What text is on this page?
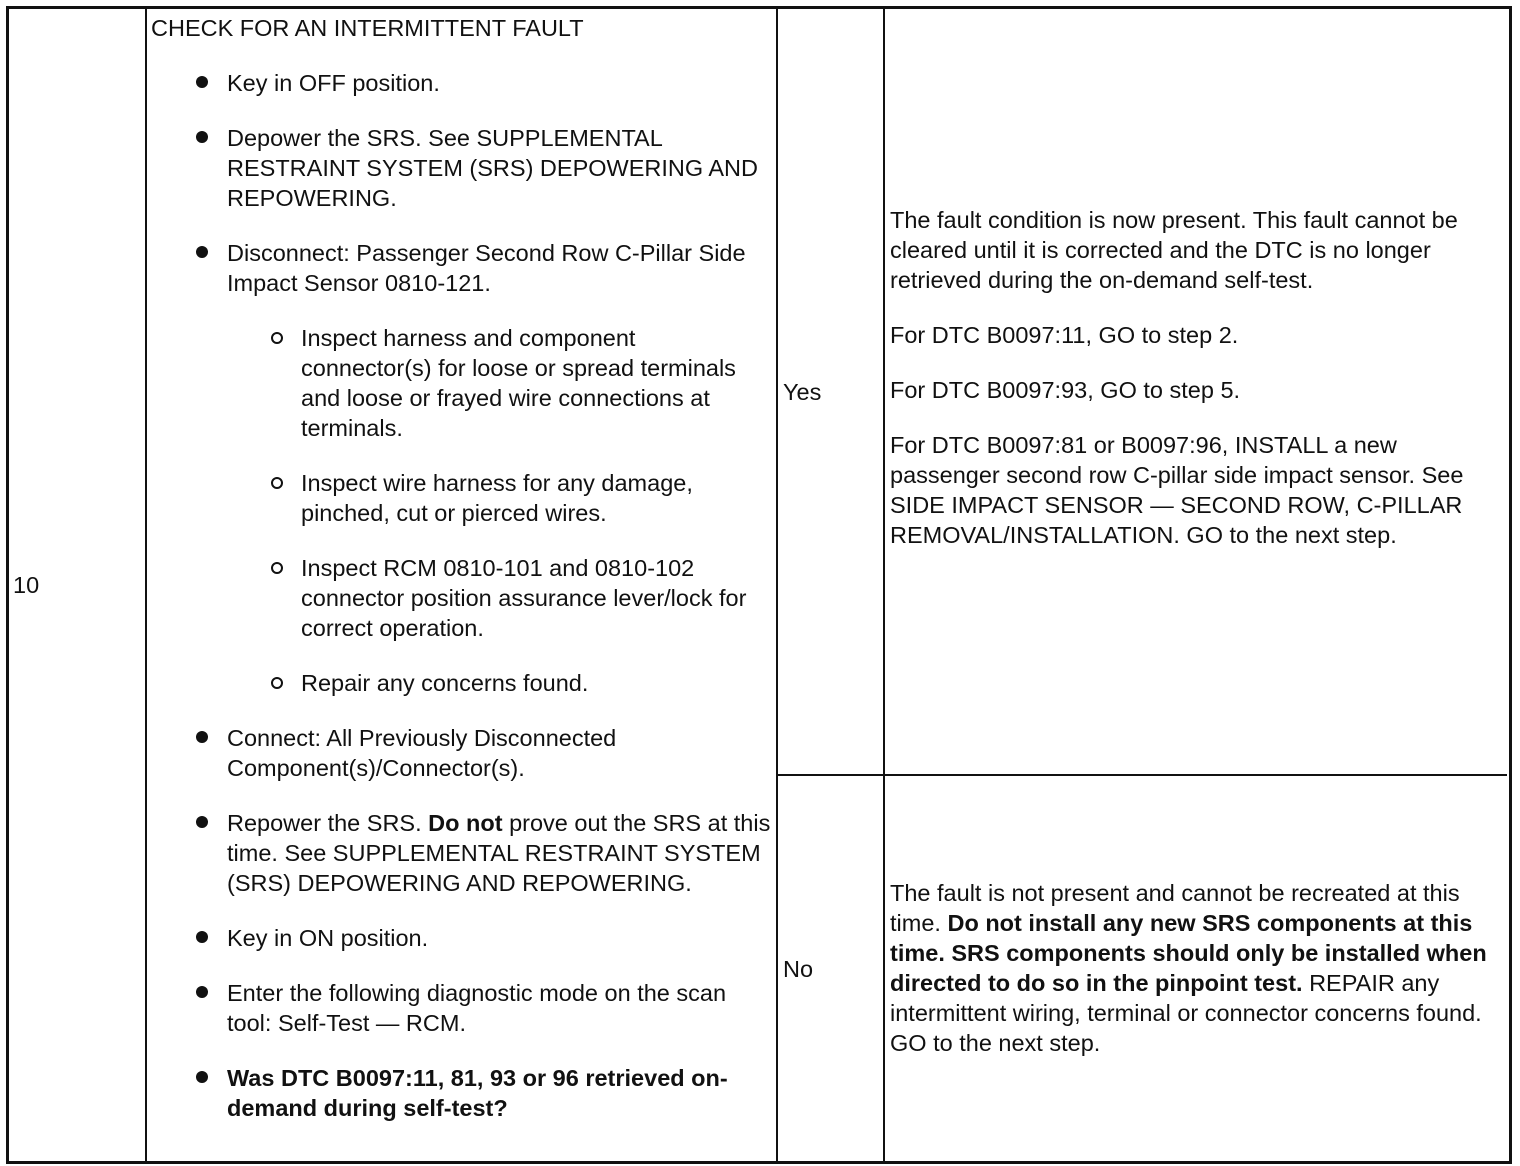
10

CHECK FOR AN INTERMITTENT FAULT

Key in OFF position.
Depower the SRS. See SUPPLEMENTAL RESTRAINT SYSTEM (SRS) DEPOWERING AND REPOWERING.
Disconnect: Passenger Second Row C-Pillar Side Impact Sensor 0810-121.
Inspect harness and component connector(s) for loose or spread terminals and loose or frayed wire connections at terminals.
Inspect wire harness for any damage, pinched, cut or pierced wires.
Inspect RCM 0810-101 and 0810-102 connector position assurance lever/lock for correct operation.
Repair any concerns found.
Connect: All Previously Disconnected Component(s)/Connector(s).
Repower the SRS. Do not prove out the SRS at this time. See SUPPLEMENTAL RESTRAINT SYSTEM (SRS) DEPOWERING AND REPOWERING.
Key in ON position.
Enter the following diagnostic mode on the scan tool: Self-Test — RCM.
Was DTC B0097:11, 81, 93 or 96 retrieved on-demand during self-test?
Yes
No

The fault condition is now present. This fault cannot be cleared until it is corrected and the DTC is no longer retrieved during the on-demand self-test.

For DTC B0097:11, GO to step 2.

For DTC B0097:93, GO to step 5.

For DTC B0097:81 or B0097:96, INSTALL a new passenger second row C-pillar side impact sensor. See SIDE IMPACT SENSOR — SECOND ROW, C-PILLAR REMOVAL/INSTALLATION. GO to the next step.

The fault is not present and cannot be recreated at this time. Do not install any new SRS components at this time. SRS components should only be installed when directed to do so in the pinpoint test. REPAIR any intermittent wiring, terminal or connector concerns found. GO to the next step.
